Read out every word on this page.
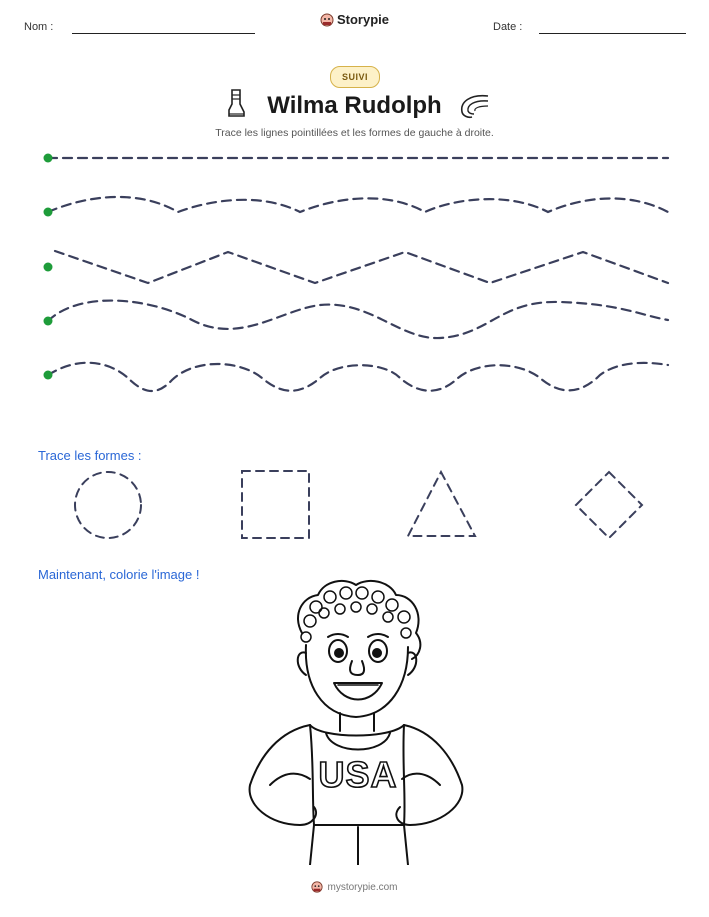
Nom :	Storypie	Date :
SUIVI
Wilma Rudolph
Trace les lignes pointillées et les formes de gauche à droite.
Trace les formes :
Maintenant, colorie l'image !
USA
mystorypie.com
